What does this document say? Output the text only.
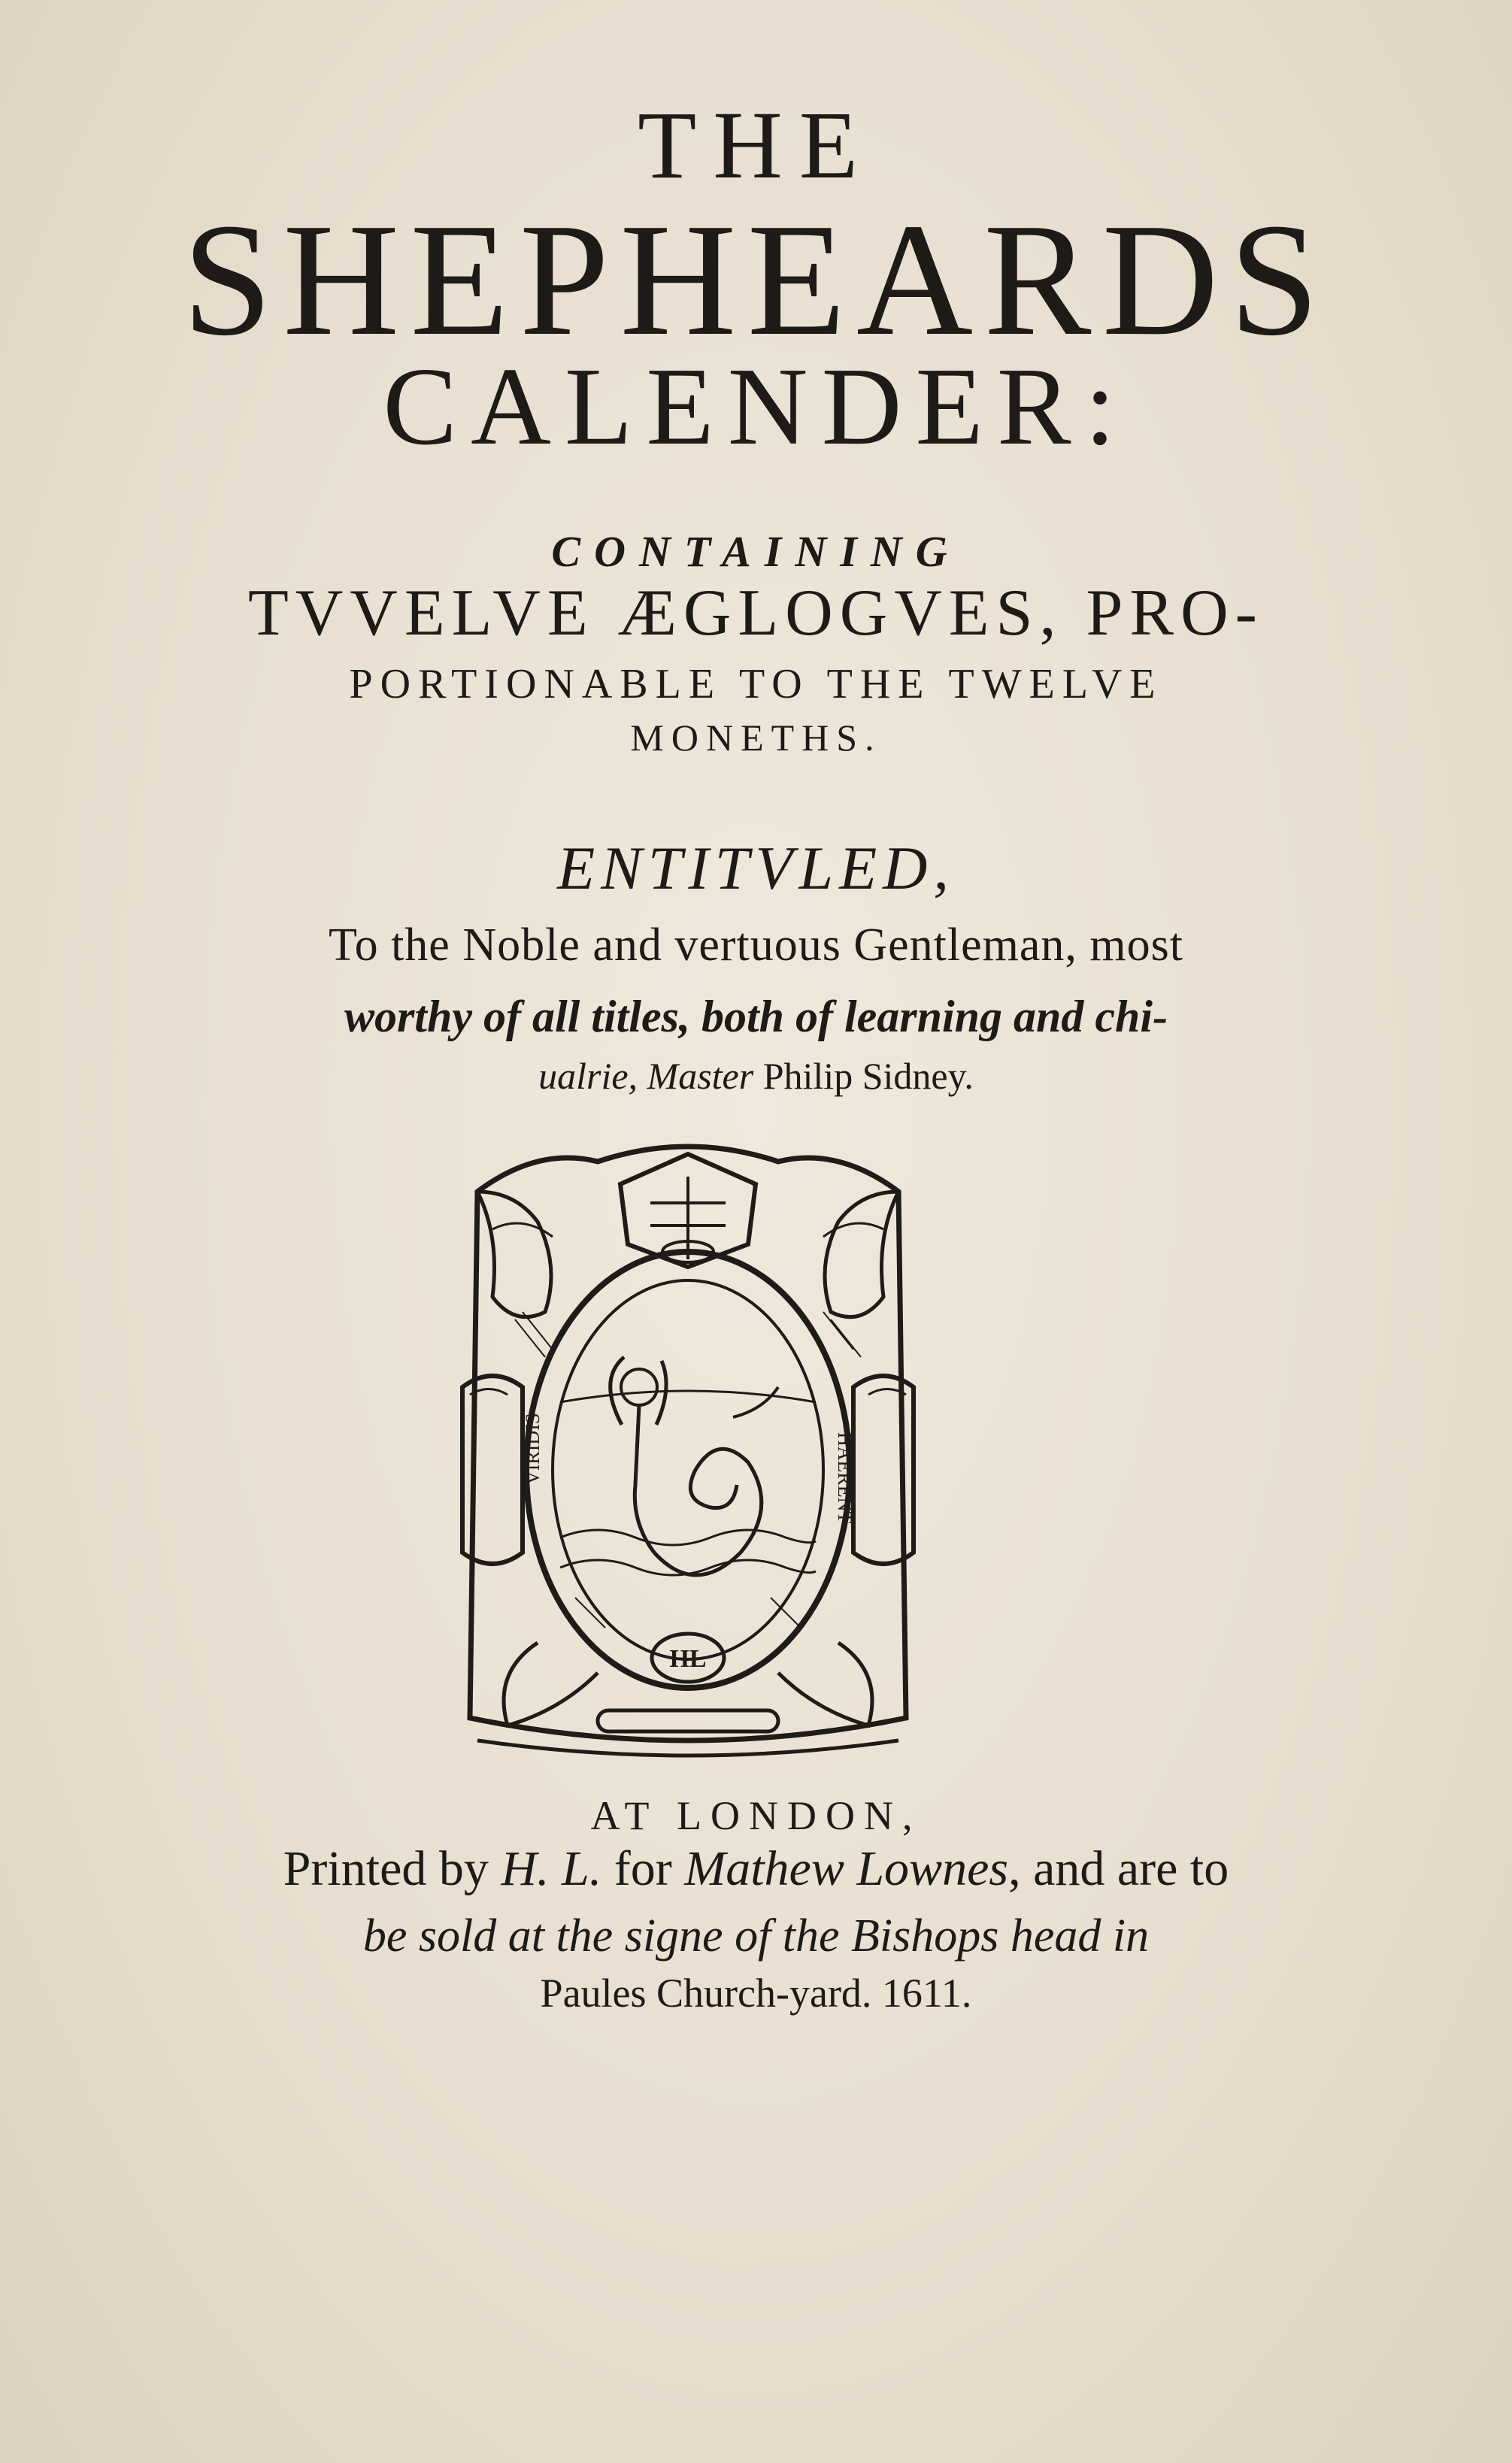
THE
SHEPHEARDS
CALENDER:
CONTAINING
TVVELVE ÆGLOGVES, PRO-
PORTIONABLE TO THE TWELVE
MONETHS.
ENTITVLED,
To the Noble and vertuous Gentleman, most
worthy of all titles, both of learning and chi-
ualrie, Master Philip Sidney.
VIRIDIS	HAERENT
HL
AT LONDON,
Printed by H. L. for Mathew Lownes, and are to
be sold at the signe of the Bishops head in
Paules Church-yard. 1611.
